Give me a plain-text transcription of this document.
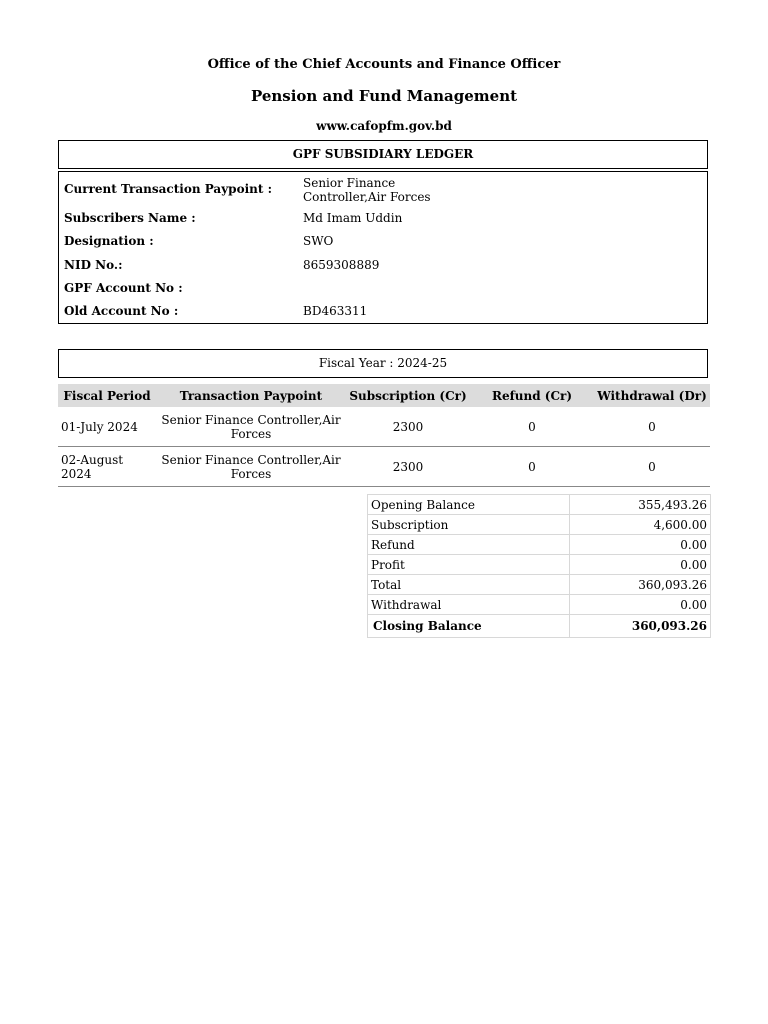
Office of the Chief Accounts and Finance Officer
Pension and Fund Management
www.cafopfm.gov.bd
GPF SUBSIDIARY LEDGER
Current Transaction Paypoint :	Senior Finance Controller,Air Forces
Subscribers Name :	Md Imam Uddin
Designation :	SWO
NID No.:	8659308889
GPF Account No :
Old Account No :	BD463311
Fiscal Year : 2024-25
Fiscal Period	Transaction Paypoint	Subscription (Cr)	Refund (Cr)	Withdrawal (Dr)
01-July 2024	Senior Finance Controller,Air Forces	2300	0	0
02-August 2024	Senior Finance Controller,Air Forces	2300	0	0
Opening Balance	355,493.26
Subscription	4,600.00
Refund	0.00
Profit	0.00
Total	360,093.26
Withdrawal	0.00
Closing Balance	360,093.26
